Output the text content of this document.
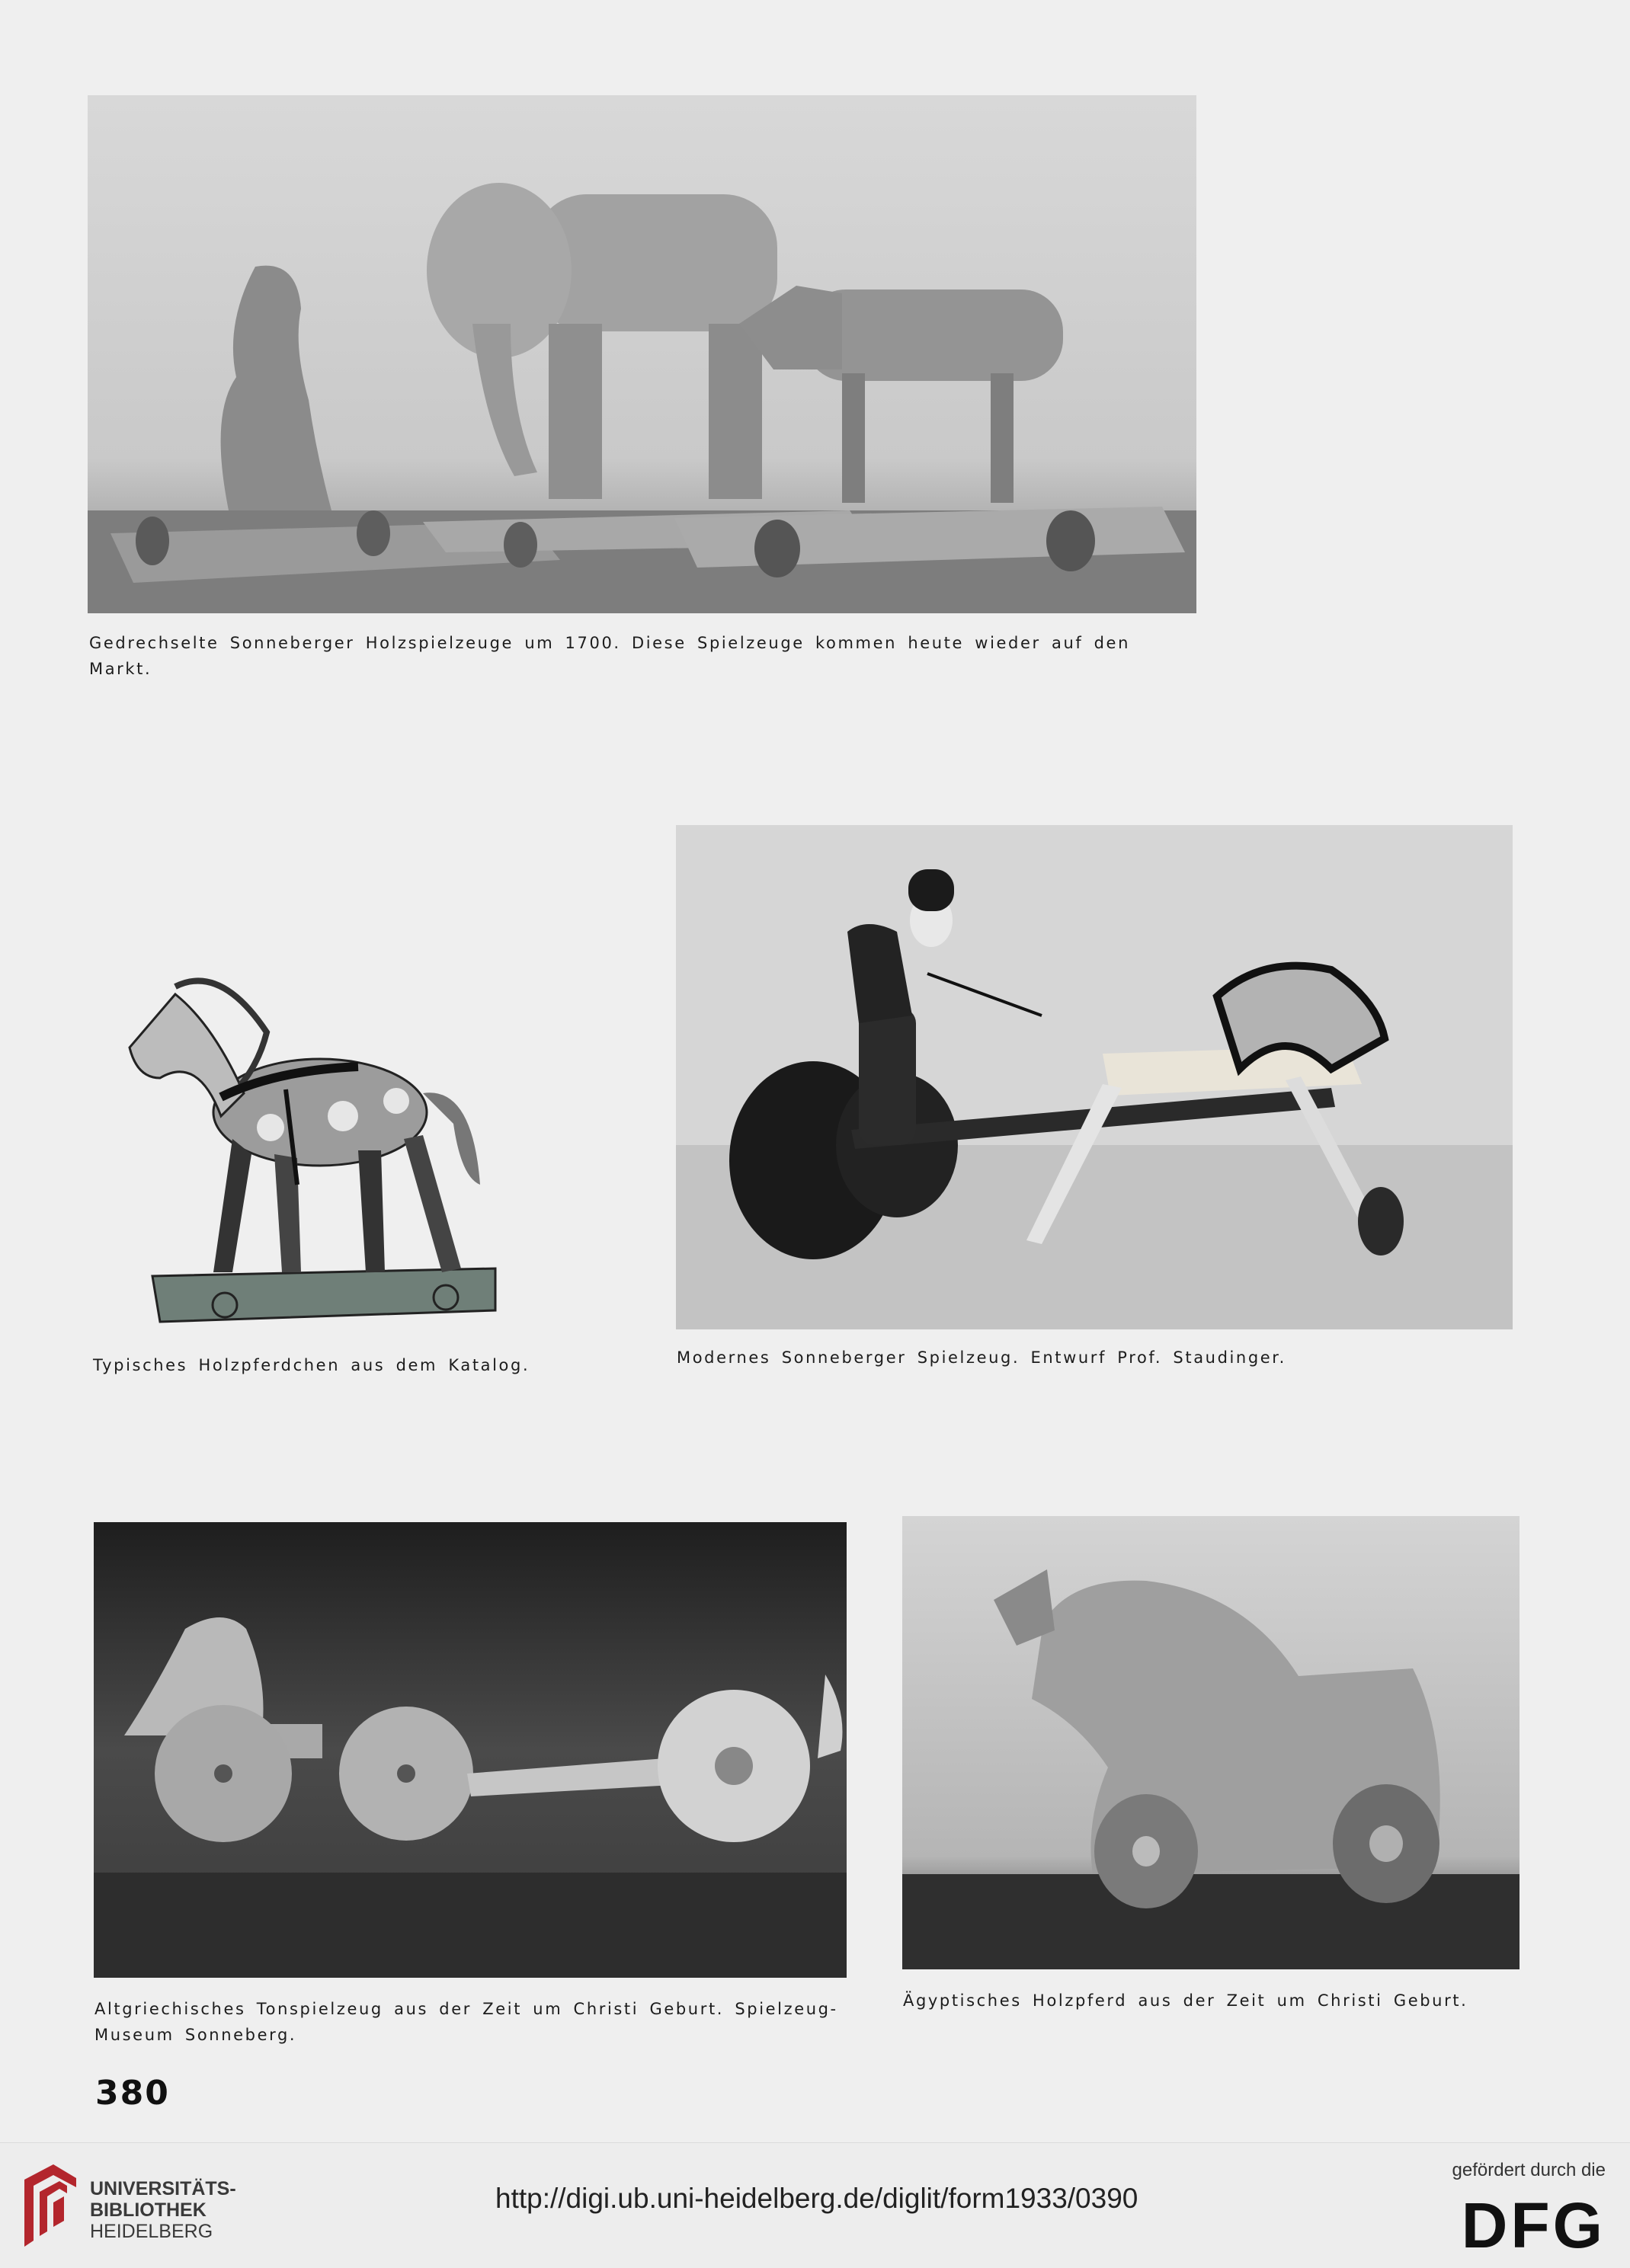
Gedrechselte Sonneberger Holzspielzeuge um 1700. Diese Spielzeuge kommen heute wieder auf den Markt.

Typisches Holzpferdchen aus dem Katalog.	Modernes Sonneberger Spielzeug. Entwurf Prof. Staudinger.

Altgriechisches Tonspielzeug aus der Zeit um Christi Geburt. Spielzeug-Museum Sonneberg.

Ägyptisches Holzpferd aus der Zeit um Christi Geburt.

380
UNIVERSITÄTS-
BIBLIOTHEK
HEIDELBERG
http://digi.ub.uni-heidelberg.de/diglit/form1933/0390
gefördert durch die
DFG
